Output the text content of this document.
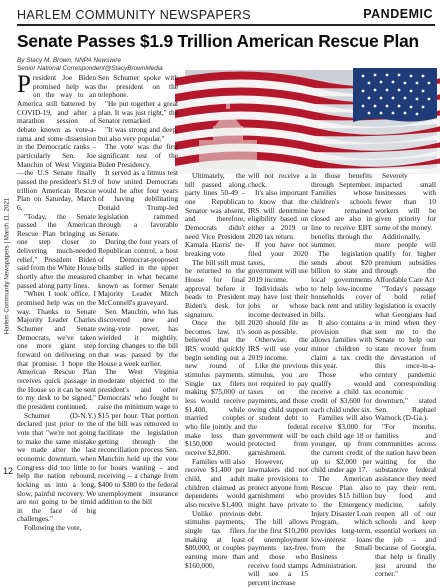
HARLEM COMMUNITY NEWSPAPERS	PANDEMIC
Senate Passes $1.9 Trillion American Rescue Plan
By Stacy M. Brown, NNPA Newswire
Senior National Correspondent@StacyBrownMedia
Harlem Community Newspapers | March 11, 2021
12

President Joe Biden promised help was on the way to an America still battered by COVID-19, and after a marathon session of debate known as vote-a-rama and some dissension in the Democratic ranks – particularly Sen. Joe Manchin of West Virginia—the U.S Senate finally passed the president's $1.9 trillion American Rescue Plan on Saturday, March 6.

"Today, the Senate passed the American Rescue Plan bringing us one step closer to delivering much-needed relief," President Biden said from the White House shortly after the measured passed along party lines.

"When I took office, I promised help was on the way. Thanks to Senate Majority Leader Charles Schumer and Senate Democrats, we've taken one more giant step forward on delivering on that promise. I hope the American Rescue Plan receives quick passage in the House so it can be sent to my desk to be signed," the president continued.

Schumer (D-N.Y.) declared just prior to the vote that "we're not going to make the same mistake we made after the last economic downturn, when Congress did too little to help the nation rebound, locking us into a long, slow, painful recovery. We are not going to be timid in the face of big challenges."

Following the vote,

Sen Schumer spoke with the president on the telephone.

"He put together a great plan. It was just right," the Senator remarked

"It was strong and deep, but also very popular."

The vote was the first significant test of the Biden Presidency.

It served as a litmus test of how united Democrats would be after four years of having debilitating Donald Trump-led legislation rammed through a favorable Senate.

During the four years of Republican control, a host of Democrat-proposed bills stalled in the upper chamber in what became known as former Senate Majority Leader Mitch McConnell's graveyard.

Sen. Manchin, who has discovered new and swing-vote power, has wielded it mightily, forcing changes to the bill that was passed by the House a week earlier.

The West Virginia moderate objected to the president's and other Democrats' who fought to raise the minimum wage to $15 per hour. That portion of the bill was removed to facilitate the legislation getting through the reconciliation process Sen. Manchin held up the vote for hours wanting – and receiving – a change from $400 to $300 to the federal unemployment insurance addition to the bill

Ultimately, the bill passed along party lines 50-49 – one Republican Senator was absent, and therefore, Democrats didn't need Vice President Kamala Harris' tie-breaking vote

The bill still must be returned to the House for final approval before it heads to President Biden's desk for signature.

Once the bill becomes law, it's believed that the IRS would quickly begin sending out a new round of stimulus payments. Single tax filers making $75,000 or less would receive $1,400, while married couples who file jointly and make less than $150,000 would receive $2,800.

Families will also receive $1,400 per child, and adult children claimed as dependents would also receive $1,400.

Unlike previous stimulus payments, single tax filers making at least $80,000, or couples earning more than $160,000,

will not receive a check.

It's also important to know that the IRS will determine eligibility based on either a 2019 or 2020 tax return.

If you have not filed your 2020 taxes, the government will use 2019 income.

Individuals who may have lost their jobs or whose income decreased in 2020 should file as soon as possible.

Otherwise, the IRS will use your 2019 income.

Like the previous stimulus, you are not required to pay taxes on the payments, and those owing child support or student debt to the federal government will be protected from garnishment.

However, lawmakers did not make provisions to protect anyone from garnishment who might have private debt.

The bill allows for the first $10,200 of unemployment payments tax-free, and those who receive food stamps will see a 15 percent increase

in those benefits through September. Families whose children's schools have remained closed are also in line to receive EBT benefits through the summer.

The legislation sends about $20 billion to state and local governments to help low-income households cover back rent and utility bills.

It also contains a provision that allows families with minor children to claim a tax credit this year.

Those who qualify would receive a child tax credit of $3,600 for each child under six.

Families will also receive $3,000 for each child age 18 or younger, up from the current credit of up to $2,000 per child under age 17.

The American Rescue Plan also provides $15 billion to the Emergency Injury Disaster Loan Program, which provides long-term, low-interest loans from the Small Business Administration.

Severely impacted small businesses with fewer than 10 workers will be given priority for some of the money.

Additionally, more people will qualify for higher premium subsidies through the Affordable Care Act

"Today's passage of bold relief legislation is exactly what Georgians had in mind when they sent me to the Senate to help our state recover from the devastation of this once-in-a-century pandemic and corresponding economic downturn," stated Sen. Raphael Warnock (D-Ga.).

"For months, families and communities across the nation have been waiting for the substantive federal assistance they need to pay their rent, buy food and medicine, safely reopen all of our schools and keep essential workers on the job – and because of Georgia, that help is finally just around the corner."
